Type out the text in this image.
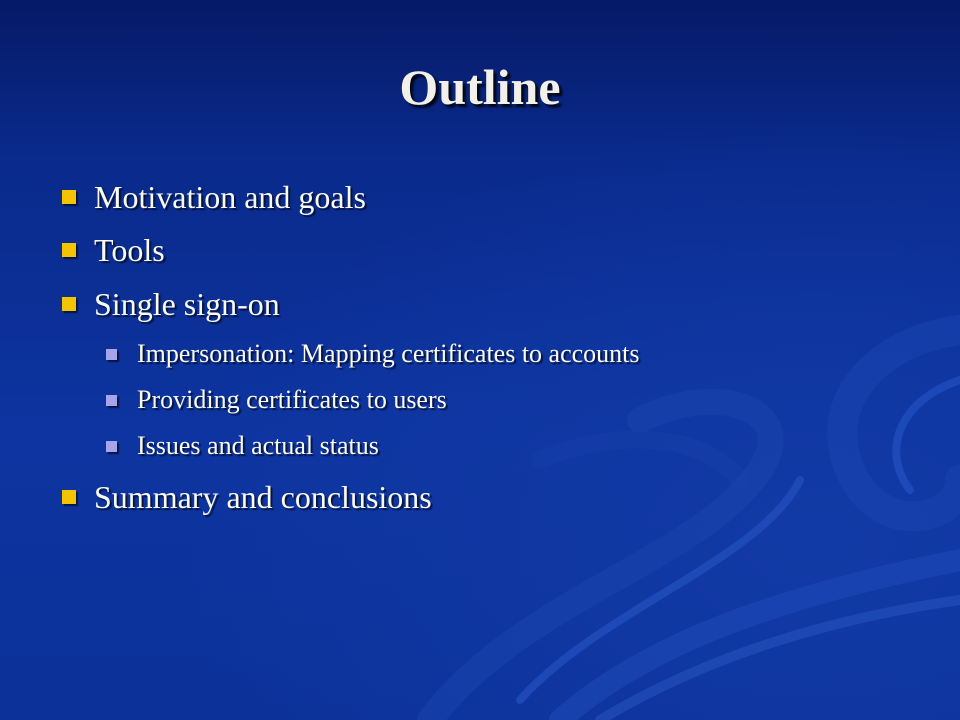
Outline
Motivation and goals
Tools
Single sign-on
Impersonation: Mapping certificates to accounts
Providing certificates to users
Issues and actual status
Summary and conclusions
